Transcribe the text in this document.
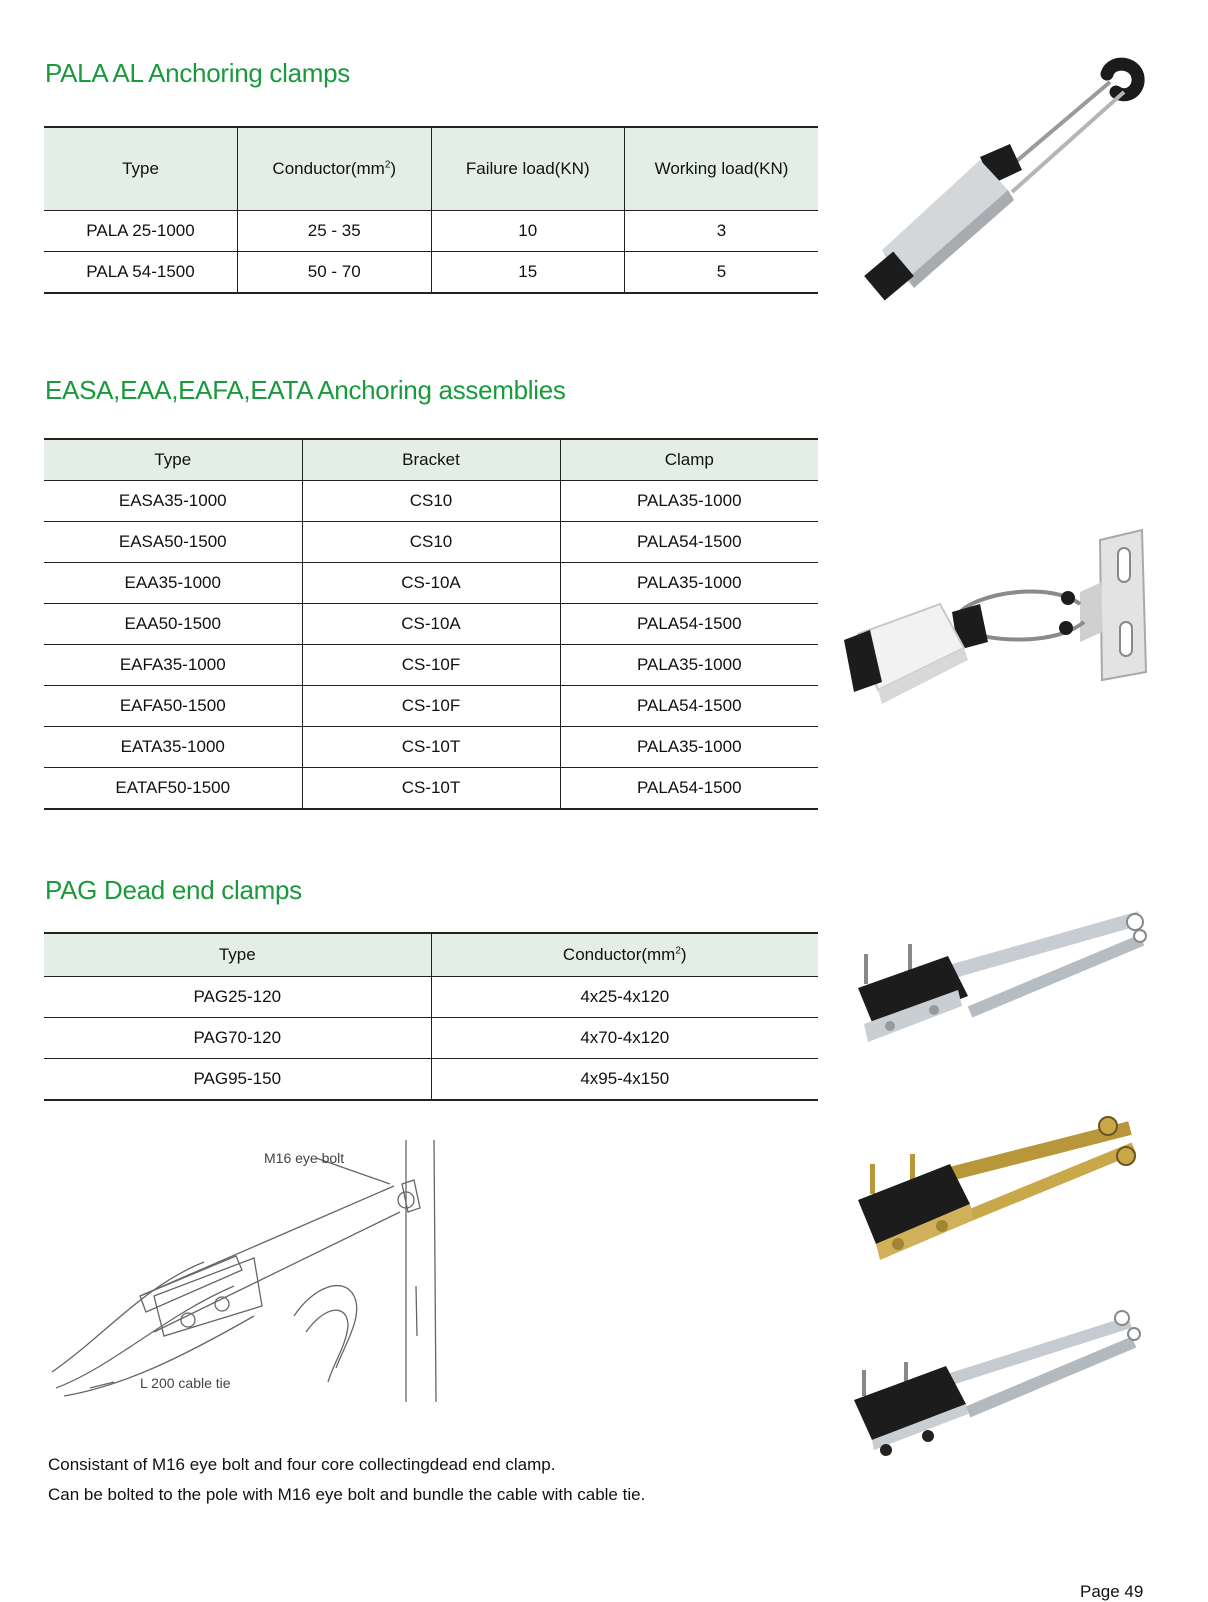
PALA AL Anchoring clamps
Type	$Conductor(mm^2)$	Failure load(KN)	Working load(KN)
PALA 25-1000	25 - 35	10	3
PALA 54-1500	50 - 70	15	5
EASA,EAA,EAFA,EATA Anchoring assemblies
Type	Bracket	Clamp
EASA35-1000	CS10	PALA35-1000
EASA50-1500	CS10	PALA54-1500
EAA35-1000	CS-10A	PALA35-1000
EAA50-1500	CS-10A	PALA54-1500
EAFA35-1000	CS-10F	PALA35-1000
EAFA50-1500	CS-10F	PALA54-1500
EATA35-1000	CS-10T	PALA35-1000
EATAF50-1500	CS-10T	PALA54-1500
PAG Dead end clamps
Type	$Conductor(mm^2)$
PAG25-120	4x25-4x120
PAG70-120	4x70-4x120
PAG95-150	4x95-4x150
M16 eye bolt
L 200 cable tie
Consistant of M16 eye bolt and four core collectingdead end clamp.
Can be bolted to the pole with M16 eye bolt and bundle the cable with cable tie.
Page 49
